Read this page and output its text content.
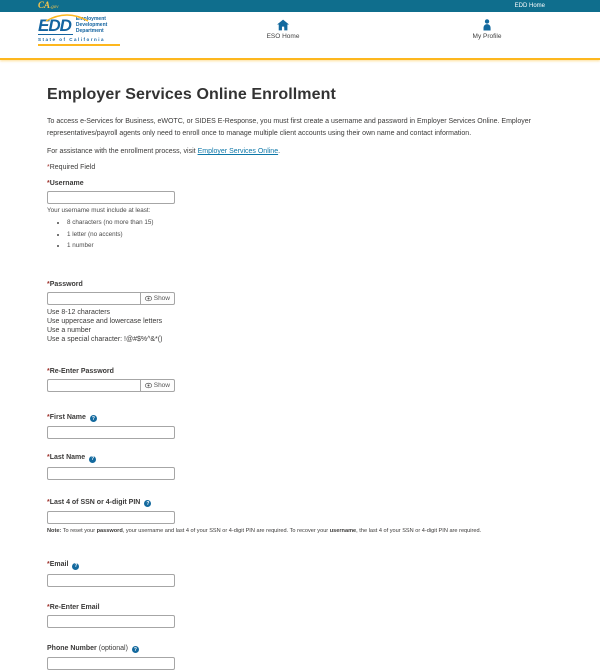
CA.gov	EDD Home
EDD	Employment
Development
Department
State of California	ESO Home	My Profile
Employer Services Online Enrollment

To access e-Services for Business, eWOTC, or SIDES E-Response, you must first create a username and password in Employer Services Online. Employer representatives/payroll agents only need to enroll once to manage multiple client accounts using their own name and contact information.

For assistance with the enrollment process, visit Employer Services Online.

*Required Field

*Username
Your username must include at least:
• 8 characters (no more than 15)
• 1 letter (no accents)
• 1 number
*Password
Show
Use 8-12 characters
Use uppercase and lowercase letters
Use a number
Use a special character: !@#$%^&*()
*Re-Enter Password
Show
*First Name ?
*Last Name ?
*Last 4 of SSN or 4-digit PIN ?

Note: To reset your password, your username and last 4 of your SSN or 4-digit PIN are required. To recover your username, the last 4 of your SSN or 4-digit PIN are required.

*Email ?
*Re-Enter Email
Phone Number (optional) ?
